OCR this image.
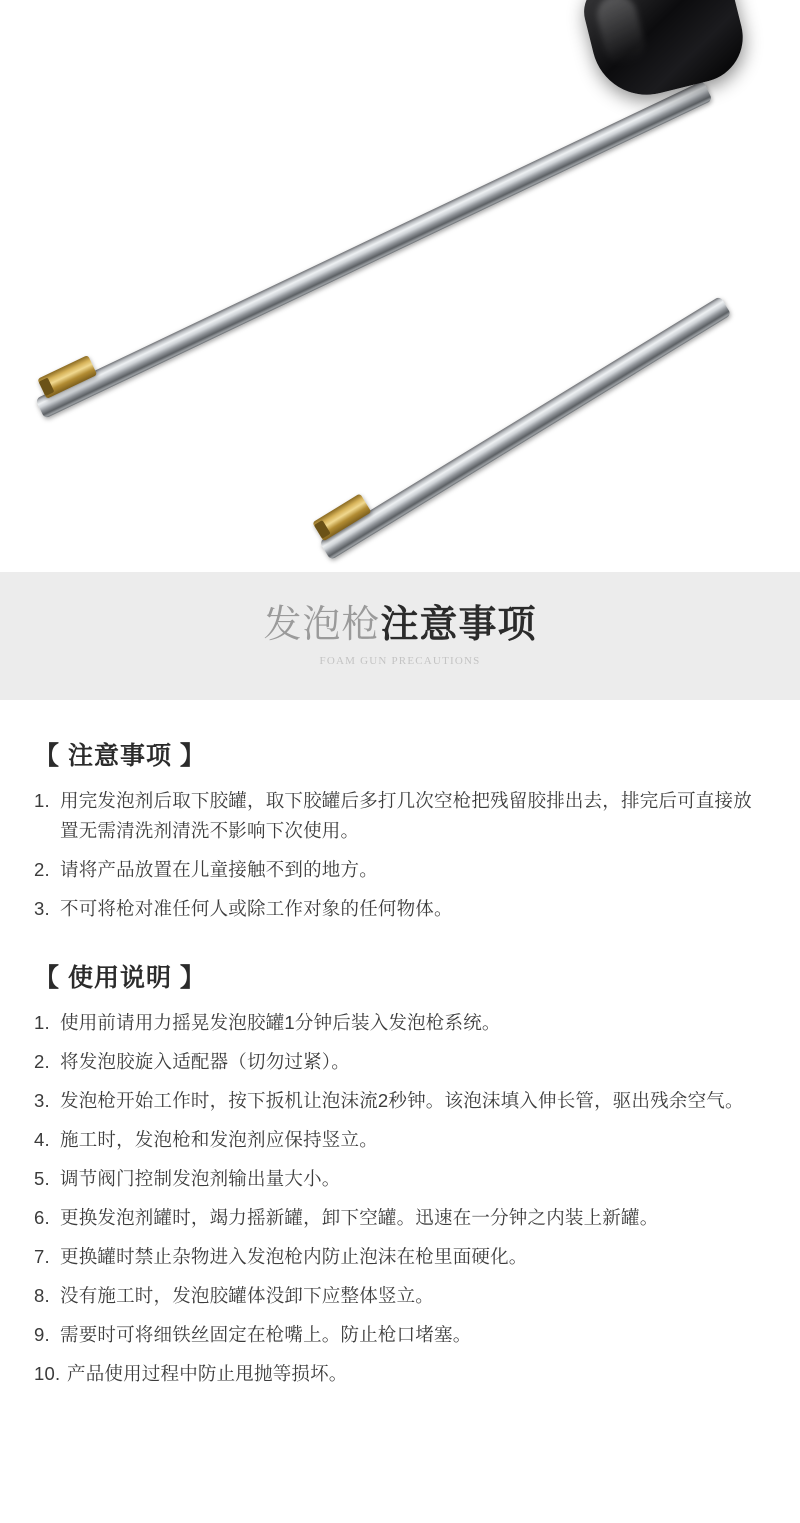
发泡枪注意事项
FOAM GUN PRECAUTIONS
【 注意事项 】
1. 用完发泡剂后取下胶罐，取下胶罐后多打几次空枪把残留胶排出去，排完后可直接放置无需清洗剂清洗不影响下次使用。
2. 请将产品放置在儿童接触不到的地方。
3. 不可将枪对准任何人或除工作对象的任何物体。
【 使用说明 】
1. 使用前请用力摇晃发泡胶罐1分钟后装入发泡枪系统。
2. 将发泡胶旋入适配器（切勿过紧）。
3. 发泡枪开始工作时，按下扳机让泡沫流2秒钟。该泡沫填入伸长管，驱出残余空气。
4. 施工时，发泡枪和发泡剂应保持竖立。
5. 调节阀门控制发泡剂输出量大小。
6. 更换发泡剂罐时，竭力摇新罐，卸下空罐。迅速在一分钟之内装上新罐。
7. 更换罐时禁止杂物进入发泡枪内防止泡沫在枪里面硬化。
8. 没有施工时，发泡胶罐体没卸下应整体竖立。
9. 需要时可将细铁丝固定在枪嘴上。防止枪口堵塞。
10. 产品使用过程中防止甩抛等损坏。
